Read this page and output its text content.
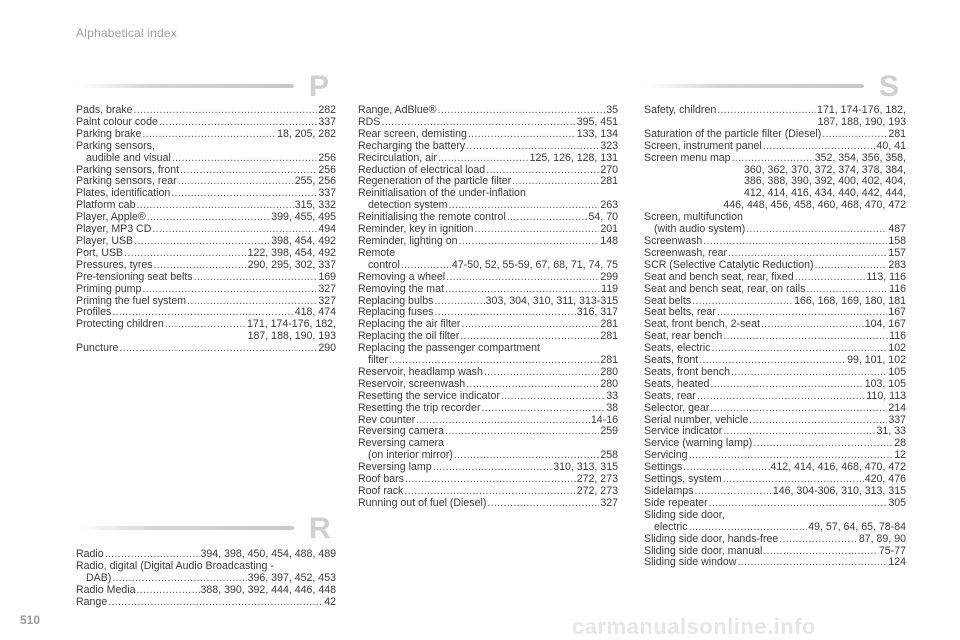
Alphabetical index
P
R
S
Pads, brake .....	282
Paint colour code .....	337
Parking brake .....	18, 205, 282
Parking sensors,
audible and visual .....	256
Parking sensors, front .....	256
Parking sensors, rear .....	255, 256
Plates, identification .....	337
Platform cab .....	315, 332
Player, Apple® .....	399, 455, 495
Player, MP3 CD .....	494
Player, USB .....	398, 454, 492
Port, USB .....	122, 398, 454, 492
Pressures, tyres .....	290, 295, 302, 337
Pre-tensioning seat belts .....	169
Priming pump .....	327
Priming the fuel system .....	327
Profiles .....	418, 474
Protecting children .....	171, 174-176, 182,
187, 188, 190, 193
Puncture .....	290
Radio .....	394, 398, 450, 454, 488, 489
Radio, digital (Digital Audio Broadcasting -
DAB) .....	396, 397, 452, 453
Radio Media .....	388, 390, 392, 444, 446, 448
Range .....	42
Range, AdBlue® .....	35
RDS .....	395, 451
Rear screen, demisting .....	133, 134
Recharging the battery .....	323
Recirculation, air .....	125, 126, 128, 131
Reduction of electrical load .....	270
Regeneration of the particle filter .....	281
Reinitialisation of the under-inflation
detection system .....	263
Reinitialising the remote control .....	54, 70
Reminder, key in ignition .....	201
Reminder, lighting on .....	148
Remote
control .....	47-50, 52, 55-59, 67, 68, 71, 74, 75
Removing a wheel .....	299
Removing the mat .....	119
Replacing bulbs .....	303, 304, 310, 311, 313-315
Replacing fuses .....	316, 317
Replacing the air filter .....	281
Replacing the oil filter .....	281
Replacing the passenger compartment
filter .....	281
Reservoir, headlamp wash .....	280
Reservoir, screenwash .....	280
Resetting the service indicator .....	33
Resetting the trip recorder .....	38
Rev counter .....	14-16
Reversing camera .....	259
Reversing camera
(on interior mirror) .....	258
Reversing lamp .....	310, 313, 315
Roof bars .....	272, 273
Roof rack .....	272, 273
Running out of fuel (Diesel) .....	327
Safety, children .....	171, 174-176, 182,
187, 188, 190, 193
Saturation of the particle filter (Diesel) .....	281
Screen, instrument panel .....	40, 41
Screen menu map .....	352, 354, 356, 358,
360, 362, 370, 372, 374, 378, 384,
386, 388, 390, 392, 400, 402, 404,
412, 414, 416, 434, 440, 442, 444,
446, 448, 456, 458, 460, 468, 470, 472
Screen, multifunction
(with audio system) .....	487
Screenwash .....	158
Screenwash, rear .....	157
SCR (Selective Catalytic Reduction) .....	283
Seat and bench seat, rear, fixed .....	113, 116
Seat and bench seat, rear, on rails .....	116
Seat belts .....	166, 168, 169, 180, 181
Seat belts, rear .....	167
Seat, front bench, 2-seat .....	104, 167
Seat, rear bench .....	116
Seats, electric .....	102
Seats, front .....	99, 101, 102
Seats, front bench .....	105
Seats, heated .....	103, 105
Seats, rear .....	110, 113
Selector, gear .....	214
Serial number, vehicle .....	337
Service indicator .....	31, 33
Service (warning lamp) .....	28
Servicing .....	12
Settings .....	412, 414, 416, 468, 470, 472
Settings, system .....	420, 476
Sidelamps .....	146, 304-306, 310, 313, 315
Side repeater .....	305
Sliding side door,
electric .....	49, 57, 64, 65, 78-84
Sliding side door, hands-free .....	87, 89, 90
Sliding side door, manual .....	75-77
Sliding side window .....	124
510	carmanualsonline.info
